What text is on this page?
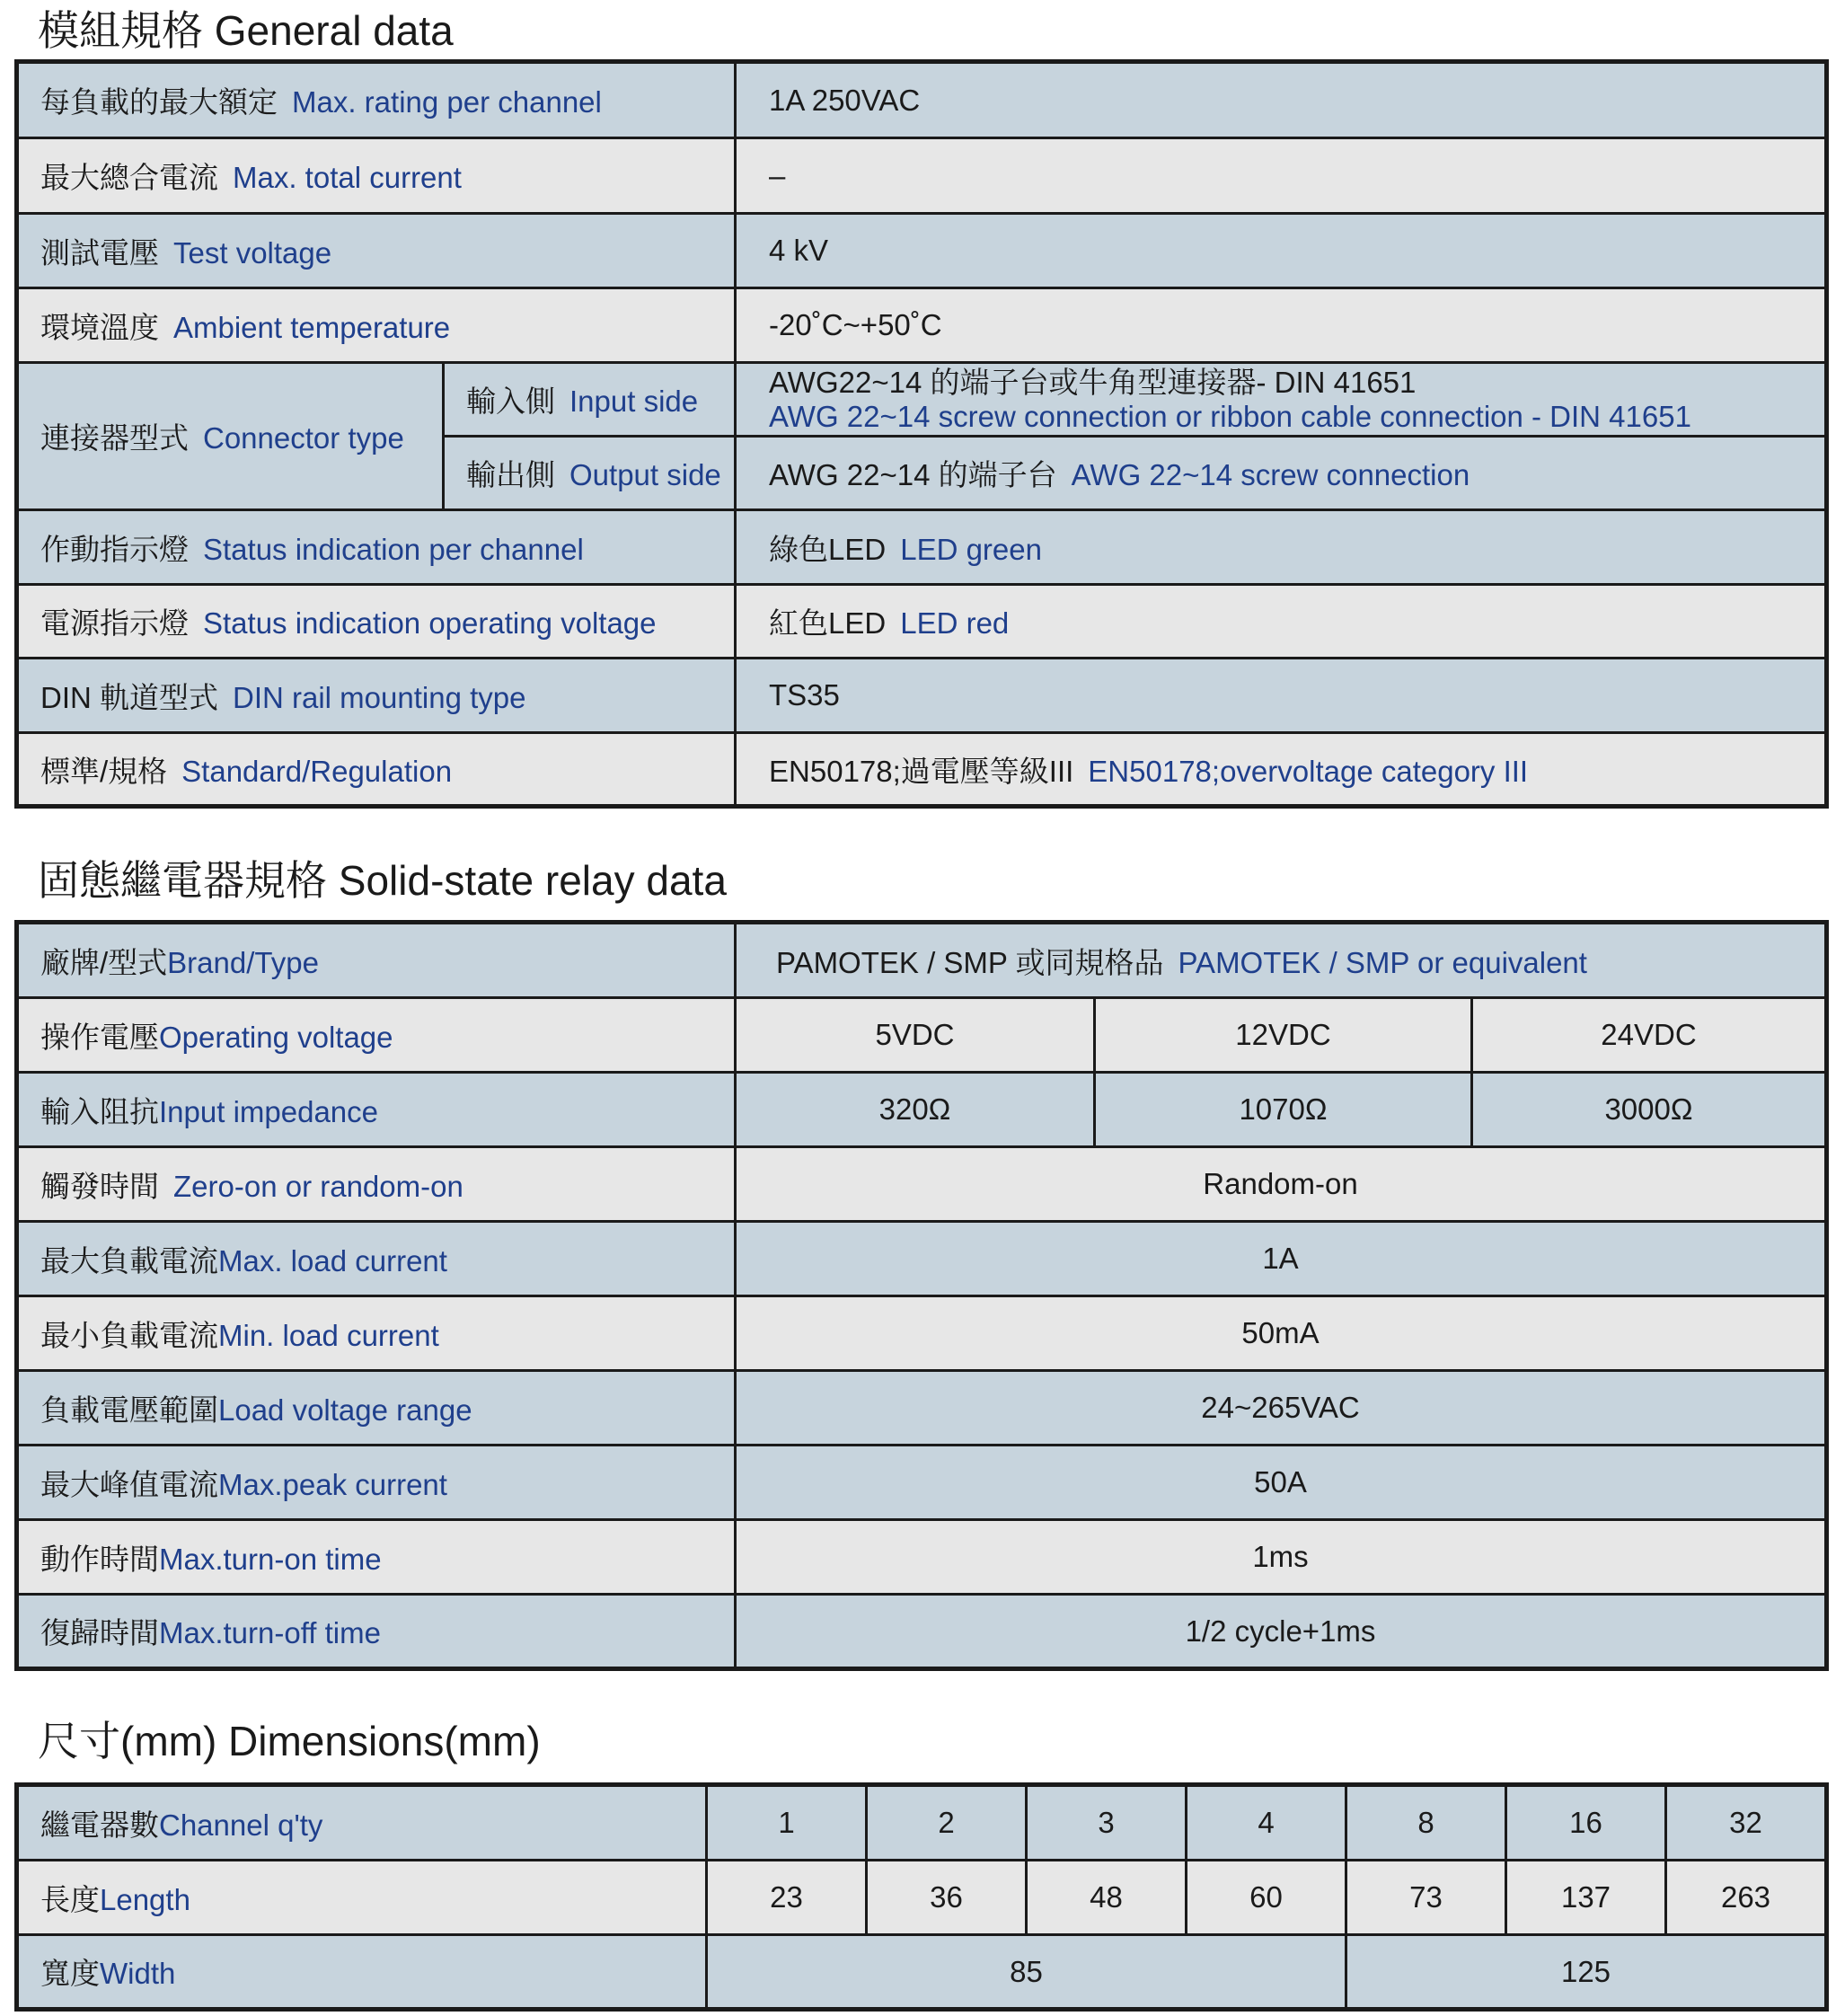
模組規格 General data
每負載的最大額定 Max. rating per channel		1A 250VAC
最大總合電流 Max. total current		–
測試電壓 Test voltage		4 kV
環境溫度 Ambient temperature		-20˚C~+50˚C
連接器型式 Connector type	輸入側 Input side	AWG22~14 的端子台或牛角型連接器- DIN 41651
AWG 22~14 screw connection or ribbon cable connection - DIN 41651

	輸出側 Output side	AWG 22~14 的端子台 AWG 22~14 screw connection
作動指示燈 Status indication per channel		綠色LED LED green
電源指示燈 Status indication operating voltage		紅色LED LED red
DIN 軌道型式 DIN rail mounting type		TS35
標準/規格 Standard/Regulation		EN50178;過電壓等級III EN50178;overvoltage category III
固態繼電器規格 Solid-state relay data
廠牌/型式Brand/Type	PAMOTEK / SMP 或同規格品 PAMOTEK / SMP or equivalent		
操作電壓Operating voltage	5VDC	12VDC	24VDC
輸入阻抗Input impedance	320Ω	1070Ω	3000Ω
觸發時間 Zero-on or random-on	Random-on		
最大負載電流Max. load current	1A		
最小負載電流Min. load current	50mA		
負載電壓範圍Load voltage range	24~265VAC		
最大峰值電流Max.peak current	50A		
動作時間Max.turn-on time	1ms		
復歸時間Max.turn-off time	1/2 cycle+1ms		
尺寸(mm) Dimensions(mm)
繼電器數Channel q'ty	1	2	3	4	8	16	32
長度Length	23	36	48	60	73	137	263
寬度Width	85				125		
